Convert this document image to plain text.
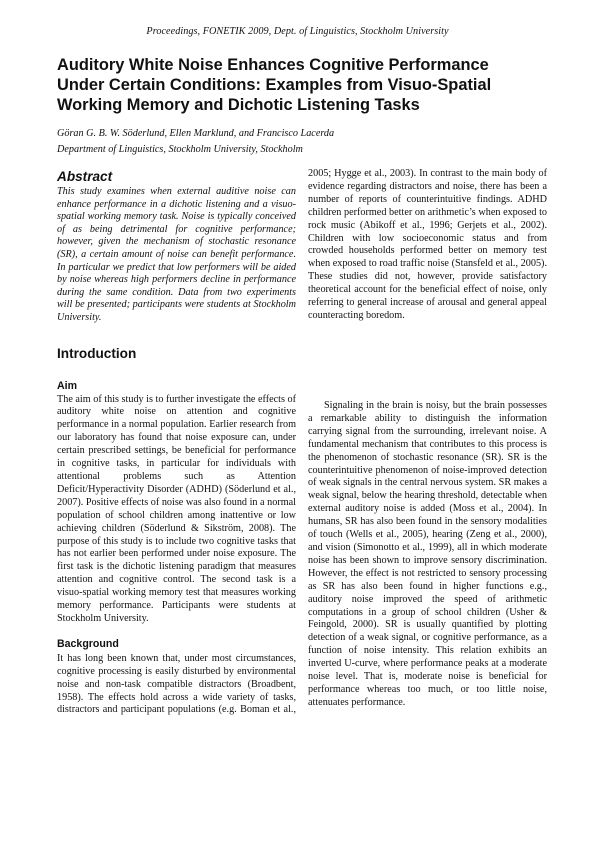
Proceedings, FONETIK 2009, Dept. of Linguistics, Stockholm University
Auditory White Noise Enhances Cognitive Performance
Under Certain Conditions: Examples from Visuo-Spatial
Working Memory and Dichotic Listening Tasks
Göran G. B. W. Söderlund, Ellen Marklund, and Francisco Lacerda
Department of Linguistics, Stockholm University, Stockholm
Abstract

This study examines when external auditive noise can enhance performance in a dichotic listening and a visuo-spatial working memory task. Noise is typically conceived of as being detrimental for cognitive performance; however, given the mechanism of stochastic resonance (SR), a certain amount of noise can benefit performance. In particular we predict that low performers will be aided by noise whereas high performers decline in performance during the same condition. Data from two experiments will be presented; participants were students at Stockholm University.

Introduction
Aim

The aim of this study is to further investigate the effects of auditory white noise on attention and cognitive performance in a normal population. Earlier research from our laboratory has found that noise exposure can, under certain prescribed settings, be beneficial for performance in cognitive tasks, in particular for individuals with attentional problems such as Attention Deficit/Hyperactivity Disorder (ADHD) (Söderlund et al., 2007). Positive effects of noise was also found in a normal population of school children among inattentive or low achieving children (Söderlund & Sikström, 2008). The purpose of this study is to include two cognitive tasks that has not earlier been performed under noise exposure. The first task is the dichotic listening paradigm that measures attention and cognitive control. The second task is a visuo-spatial working memory test that measures working memory performance. Participants were students at Stockholm University.

Background

It has long been known that, under most circumstances, cognitive processing is easily disturbed by environmental noise and non-task compatible distractors (Broadbent, 1958). The effects hold across a wide variety of tasks, distractors and participant populations (e.g. Boman et al.,

2005; Hygge et al., 2003). In contrast to the main body of evidence regarding distractors and noise, there has been a number of reports of counterintuitive findings. ADHD children performed better on arithmetic’s when exposed to rock music (Abikoff et al., 1996; Gerjets et al., 2002). Children with low socioeconomic status and from crowded households performed better on memory test when exposed to road traffic noise (Stansfeld et al., 2005). These studies did not, however, provide satisfactory theoretical account for the beneficial effect of noise, only referring to general increase of arousal and general appeal counteracting boredom.

Signaling in the brain is noisy, but the brain possesses a remarkable ability to distinguish the information carrying signal from the surrounding, irrelevant noise. A fundamental mechanism that contributes to this process is the phenomenon of stochastic resonance (SR). SR is the counterintuitive phenomenon of noise-improved detection of weak signals in the central nervous system. SR makes a weak signal, below the hearing threshold, detectable when external auditory noise is added (Moss et al., 2004). In humans, SR has also been found in the sensory modalities of touch (Wells et al., 2005), hearing (Zeng et al., 2000), and vision (Simonotto et al., 1999), all in which moderate noise has been shown to improve sensory discrimination. However, the effect is not restricted to sensory processing as SR has also been found in higher functions e.g., auditory noise improved the speed of arithmetic computations in a group of school children (Usher & Feingold, 2000). SR is usually quantified by plotting detection of a weak signal, or cognitive performance, as a function of noise intensity. This relation exhibits an inverted U-curve, where performance peaks at a moderate noise level. That is, moderate noise is beneficial for performance whereas too much, or too little noise, attenuates performance.
